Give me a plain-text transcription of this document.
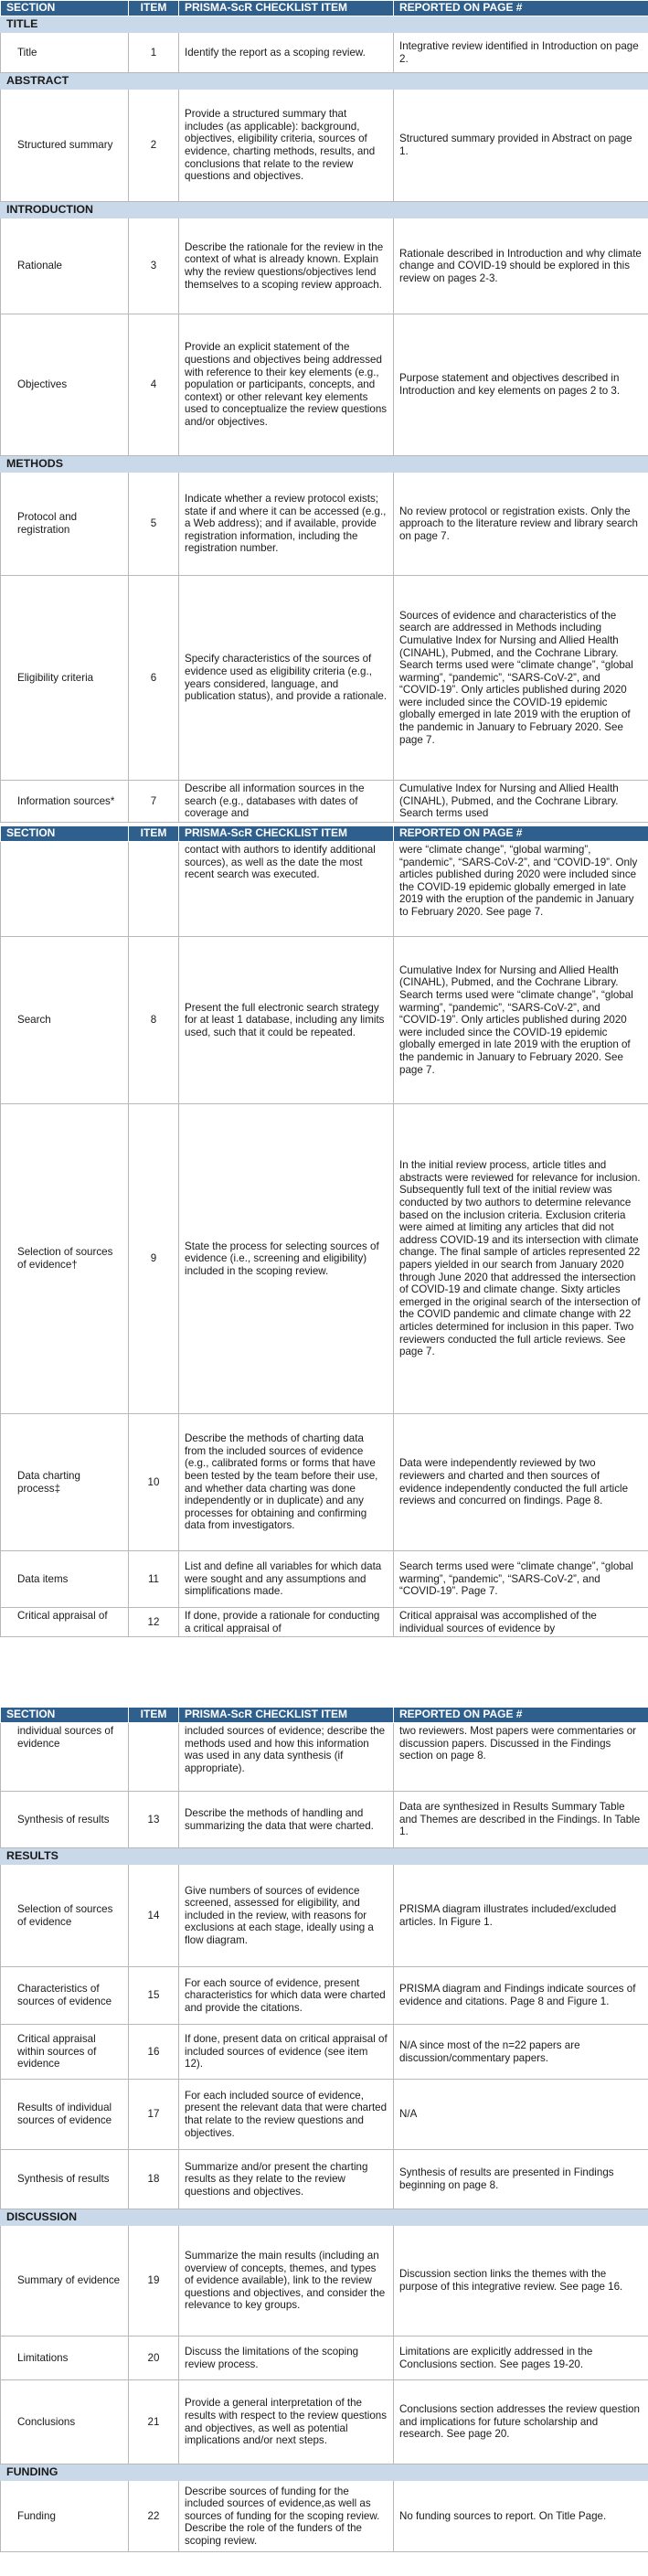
SECTION	ITEM	PRISMA-ScR CHECKLIST ITEM	REPORTED ON PAGE #
TITLE			
Title	1	Identify the report as a scoping review.	Integrative review identified in Introduction on page 2.
ABSTRACT			
Structured summary	2	Provide a structured summary that includes (as applicable): background, objectives, eligibility criteria, sources of evidence, charting methods, results, and conclusions that relate to the review questions and objectives.	Structured summary provided in Abstract on page 1.
INTRODUCTION			
Rationale	3	Describe the rationale for the review in the context of what is already known. Explain why the review questions/objectives lend themselves to a scoping review approach.	Rationale described in Introduction and why climate change and COVID-19 should be explored in this review on pages 2-3.
Objectives	4	Provide an explicit statement of the questions and objectives being addressed with reference to their key elements (e.g., population or participants, concepts, and context) or other relevant key elements used to conceptualize the review questions and/or objectives.	Purpose statement and objectives described in Introduction and key elements on pages 2 to 3.
METHODS			
Protocol and registration	5	Indicate whether a review protocol exists; state if and where it can be accessed (e.g., a Web address); and if available, provide registration information, including the registration number.	No review protocol or registration exists. Only the approach to the literature review and library search on page 7.
Eligibility criteria	6	Specify characteristics of the sources of evidence used as eligibility criteria (e.g., years considered, language, and publication status), and provide a rationale.	Sources of evidence and characteristics of the search are addressed in Methods including Cumulative Index for Nursing and Allied Health (CINAHL), Pubmed, and the Cochrane Library. Search terms used were “climate change”, “global warming”, “pandemic”, “SARS-CoV-2”, and “COVID-19”. Only articles published during 2020 were included since the COVID-19 epidemic globally emerged in late 2019 with the eruption of the pandemic in January to February 2020. See page 7.
Information sources*	7	Describe all information sources in the search (e.g., databases with dates of coverage and	Cumulative Index for Nursing and Allied Health (CINAHL), Pubmed, and the Cochrane Library. Search terms used
SECTION	ITEM	PRISMA-ScR CHECKLIST ITEM	REPORTED ON PAGE #
		contact with authors to identify additional sources), as well as the date the most recent search was executed.	were “climate change”, “global warming”, “pandemic”, “SARS-CoV-2”, and “COVID-19”. Only articles published during 2020 were included since the COVID-19 epidemic globally emerged in late 2019 with the eruption of the pandemic in January to February 2020. See page 7.
Search	8	Present the full electronic search strategy for at least 1 database, including any limits used, such that it could be repeated.	Cumulative Index for Nursing and Allied Health (CINAHL), Pubmed, and the Cochrane Library. Search terms used were “climate change”, “global warming”, “pandemic”, “SARS-CoV-2”, and “COVID-19”. Only articles published during 2020 were included since the COVID-19 epidemic globally emerged in late 2019 with the eruption of the pandemic in January to February 2020. See page 7.
Selection of sources of evidence†	9	State the process for selecting sources of evidence (i.e., screening and eligibility) included in the scoping review.	In the initial review process, article titles and abstracts were reviewed for relevance for inclusion. Subsequently full text of the initial review was conducted by two authors to determine relevance based on the inclusion criteria. Exclusion criteria were aimed at limiting any articles that did not address COVID-19 and its intersection with climate change. The final sample of articles represented 22 papers yielded in our search from January 2020 through June 2020 that addressed the intersection of COVID-19 and climate change. Sixty articles emerged in the original search of the intersection of the COVID pandemic and climate change with 22 articles determined for inclusion in this paper. Two reviewers conducted the full article reviews. See page 7.
Data charting process‡	10	Describe the methods of charting data from the included sources of evidence (e.g., calibrated forms or forms that have been tested by the team before their use, and whether data charting was done independently or in duplicate) and any processes for obtaining and confirming data from investigators.	Data were independently reviewed by two reviewers and charted and then sources of evidence independently conducted the full article reviews and concurred on findings. Page 8.
Data items	11	List and define all variables for which data were sought and any assumptions and simplifications made.	Search terms used were “climate change”, “global warming”, “pandemic”, “SARS-CoV-2”, and “COVID-19”. Page 7.
Critical appraisal of	12	If done, provide a rationale for conducting a critical appraisal of	Critical appraisal was accomplished of the individual sources of evidence by
SECTION	ITEM	PRISMA-ScR CHECKLIST ITEM	REPORTED ON PAGE #
individual sources of evidence		included sources of evidence; describe the methods used and how this information was used in any data synthesis (if appropriate).	two reviewers. Most papers were commentaries or discussion papers. Discussed in the Findings section on page 8.
Synthesis of results	13	Describe the methods of handling and summarizing the data that were charted.	Data are synthesized in Results Summary Table and Themes are described in the Findings. In Table 1.
RESULTS			
Selection of sources of evidence	14	Give numbers of sources of evidence screened, assessed for eligibility, and included in the review, with reasons for exclusions at each stage, ideally using a flow diagram.	PRISMA diagram illustrates included/excluded articles. In Figure 1.
Characteristics of sources of evidence	15	For each source of evidence, present characteristics for which data were charted and provide the citations.	PRISMA diagram and Findings indicate sources of evidence and citations. Page 8 and Figure 1.
Critical appraisal within sources of evidence	16	If done, present data on critical appraisal of included sources of evidence (see item 12).	N/A since most of the n=22 papers are discussion/commentary papers.
Results of individual sources of evidence	17	For each included source of evidence, present the relevant data that were charted that relate to the review questions and objectives.	N/A
Synthesis of results	18	Summarize and/or present the charting results as they relate to the review questions and objectives.	Synthesis of results are presented in Findings beginning on page 8.
DISCUSSION			
Summary of evidence	19	Summarize the main results (including an overview of concepts, themes, and types of evidence available), link to the review questions and objectives, and consider the relevance to key groups.	Discussion section links the themes with the purpose of this integrative review. See page 16.
Limitations	20	Discuss the limitations of the scoping review process.	Limitations are explicitly addressed in the Conclusions section. See pages 19-20.
Conclusions	21	Provide a general interpretation of the results with respect to the review questions and objectives, as well as potential implications and/or next steps.	Conclusions section addresses the review question and implications for future scholarship and research. See page 20.
FUNDING			
Funding	22	Describe sources of funding for the included sources of evidence,as well as sources of funding for the scoping review. Describe the role of the funders of the scoping review.	No funding sources to report. On Title Page.
